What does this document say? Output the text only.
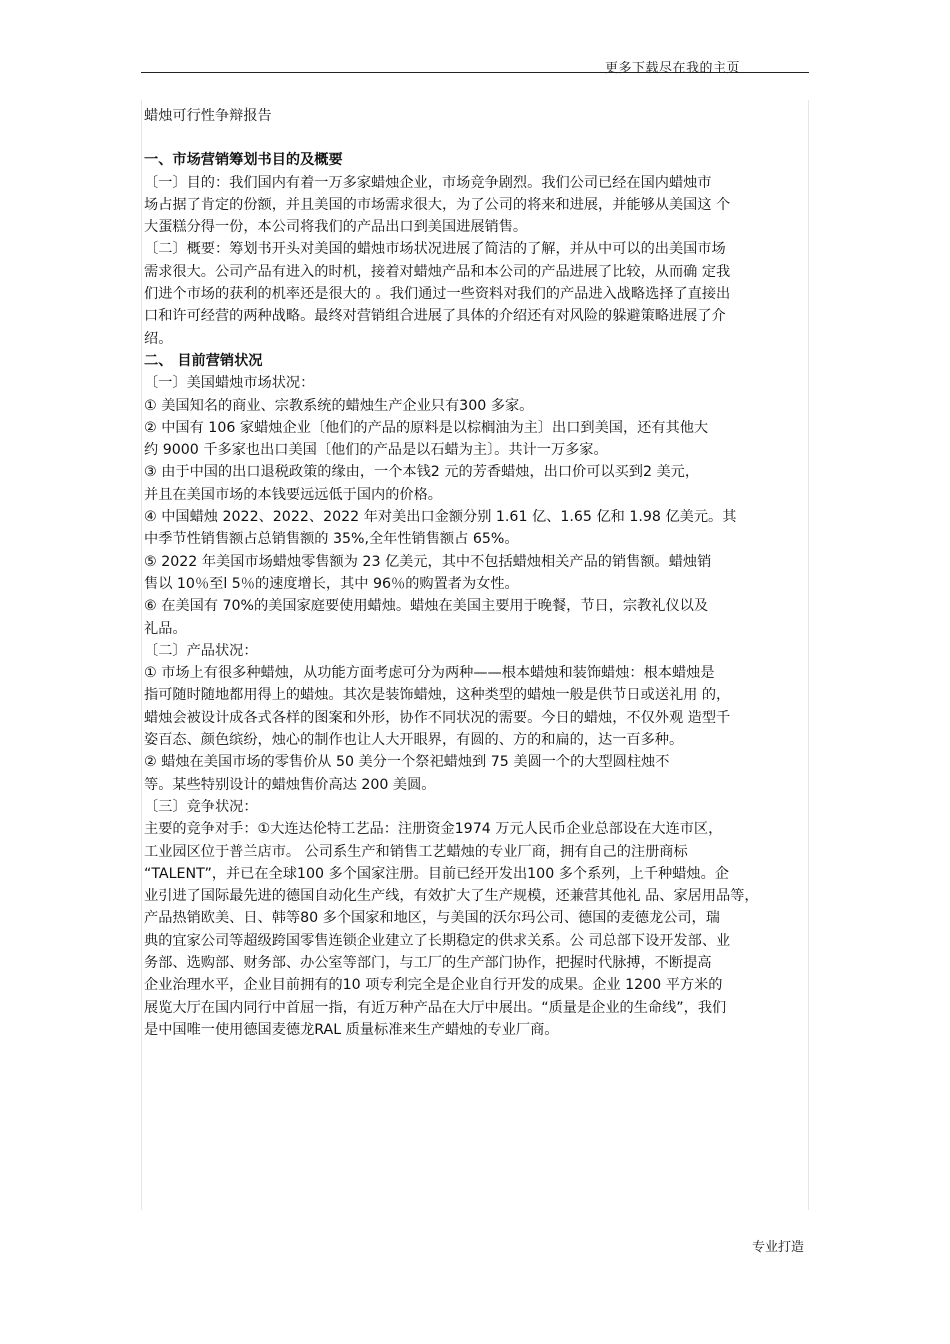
更多下载尽在我的主页

蜡烛可行性争辩报告

一、市场营销筹划书目的及概要

〔一〕目的：我们国内有着一万多家蜡烛企业，市场竞争剧烈。我们公司已经在国内蜡烛市

场占据了肯定的份额，并且美国的市场需求很大，为了公司的将来和进展，并能够从美国这 个

大蛋糕分得一份，本公司将我们的产品出口到美国进展销售。

〔二〕概要：筹划书开头对美国的蜡烛市场状况进展了简洁的了解，并从中可以的出美国市场

需求很大。公司产品有进入的时机，接着对蜡烛产品和本公司的产品进展了比较，从而确 定我

们进个市场的获利的机率还是很大的 。我们通过一些资料对我们的产品进入战略选择了直接出

口和许可经营的两种战略。最终对营销组合进展了具体的介绍还有对风险的躲避策略进展了介

绍。

二、 目前营销状况

〔一〕美国蜡烛市场状况：

① 美国知名的商业、宗教系统的蜡烛生产企业只有300 多家。

② 中国有 106 家蜡烛企业〔他们的产品的原料是以棕榈油为主〕出口到美国，还有其他大

约 9000 千多家也出口美国〔他们的产品是以石蜡为主〕。共计一万多家。

③ 由于中国的出口退税政策的缘由，一个本钱2 元的芳香蜡烛，出口价可以买到2 美元，

并且在美国市场的本钱要远远低于国内的价格。

④ 中国蜡烛 2022、2022、2022 年对美出口金额分别 1.61 亿、1.65 亿和 1.98 亿美元。其

中季节性销售额占总销售额的 35%,全年性销售额占 65%。

⑤ 2022 年美国市场蜡烛零售额为 23 亿美元，其中不包括蜡烛相关产品的销售额。蜡烛销

售以 10％至l 5％的速度增长，其中 96％的购置者为女性。

⑥ 在美国有 70%的美国家庭要使用蜡烛。蜡烛在美国主要用于晚餐，节日，宗教礼仪以及

礼品。

〔二〕产品状况：

① 市场上有很多种蜡烛，从功能方面考虑可分为两种——根本蜡烛和装饰蜡烛：根本蜡烛是

指可随时随地都用得上的蜡烛。其次是装饰蜡烛，这种类型的蜡烛一般是供节日或送礼用 的，

蜡烛会被设计成各式各样的图案和外形，协作不同状况的需要。今日的蜡烛，不仅外观 造型千

姿百态、颜色缤纷，烛心的制作也让人大开眼界，有圆的、方的和扁的，达一百多种。

② 蜡烛在美国市场的零售价从 50 美分一个祭祀蜡烛到 75 美圆一个的大型圆柱烛不

等。某些特别设计的蜡烛售价高达 200 美圆。

〔三〕竞争状况：

主要的竞争对手：①大连达伦特工艺品：注册资金1974 万元人民币企业总部设在大连市区，

工业园区位于普兰店市。 公司系生产和销售工艺蜡烛的专业厂商，拥有自己的注册商标

“TALENT”，并已在全球100 多个国家注册。目前已经开发出100 多个系列，上千种蜡烛。企

业引进了国际最先进的德国自动化生产线，有效扩大了生产规模，还兼营其他礼 品、家居用品等，

产品热销欧美、日、韩等80 多个国家和地区，与美国的沃尔玛公司、德国的麦德龙公司，瑞

典的宜家公司等超级跨国零售连锁企业建立了长期稳定的供求关系。公 司总部下设开发部、业

务部、选购部、财务部、办公室等部门，与工厂的生产部门协作，把握时代脉搏，不断提高

企业治理水平，企业目前拥有的10 项专利完全是企业自行开发的成果。企业 1200 平方米的

展览大厅在国内同行中首屈一指，有近万种产品在大厅中展出。“质量是企业的生命线”，我们

是中国唯一使用德国麦德龙RAL 质量标准来生产蜡烛的专业厂商。

专业打造
